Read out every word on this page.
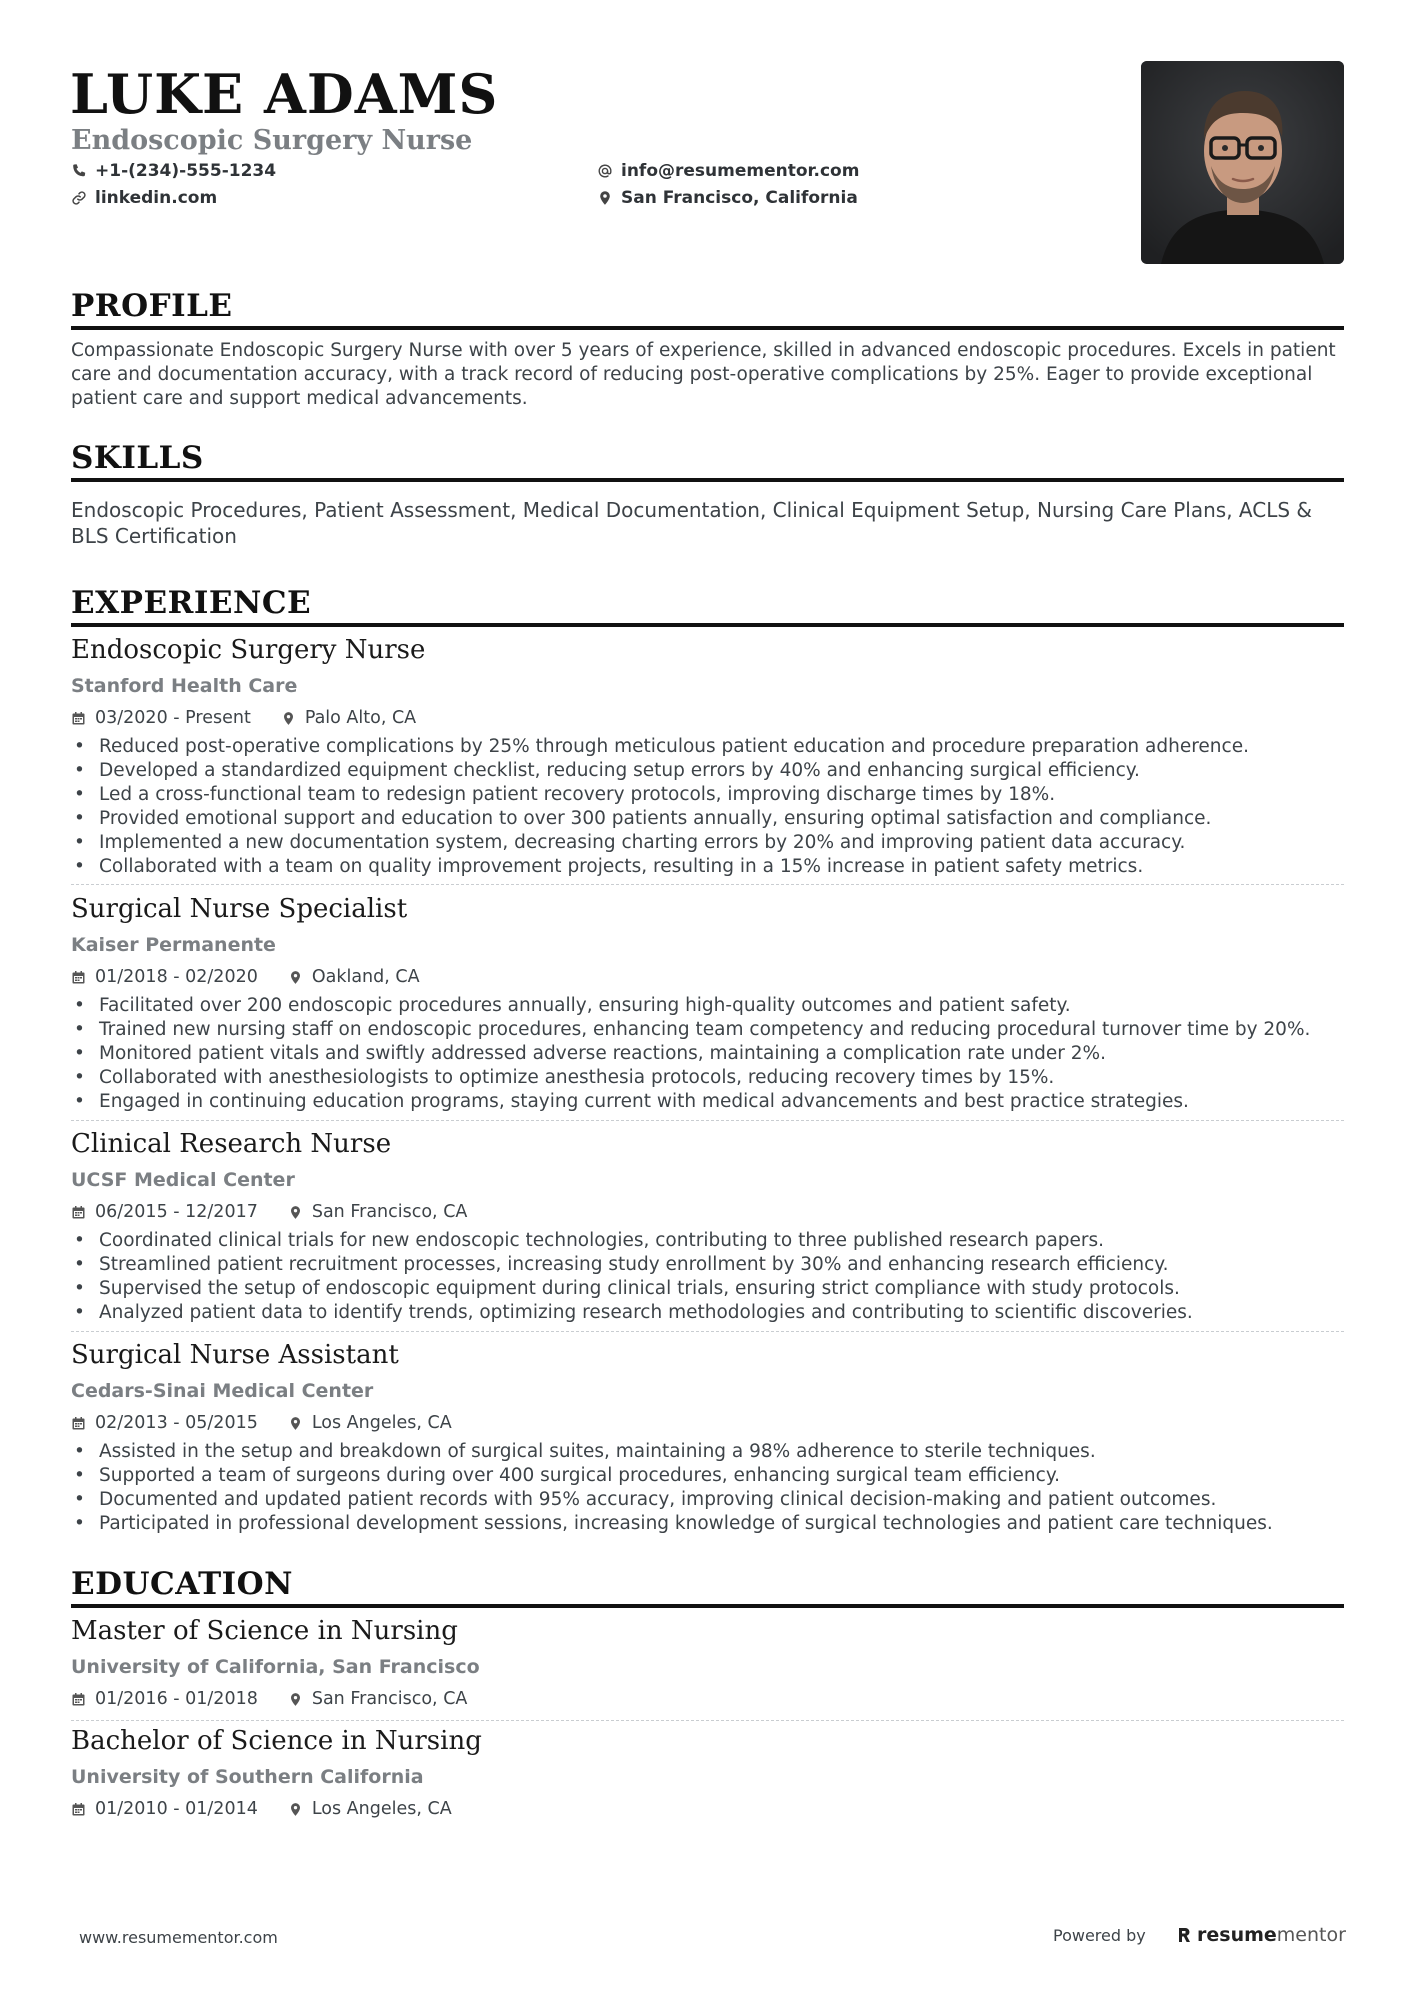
LUKE ADAMS
Endoscopic Surgery Nurse
+1-(234)-555-1234
linkedin.com
info@resumementor.com
San Francisco, California
PROFILE
Compassionate Endoscopic Surgery Nurse with over 5 years of experience, skilled in advanced endoscopic procedures. Excels in patient care and documentation accuracy, with a track record of reducing post-operative complications by 25%. Eager to provide exceptional patient care and support medical advancements.
SKILLS
Endoscopic Procedures, Patient Assessment, Medical Documentation, Clinical Equipment Setup, Nursing Care Plans, ACLS & BLS Certification
EXPERIENCE
Endoscopic Surgery Nurse
Stanford Health Care
03/2020 - Present	Palo Alto, CA
• Reduced post-operative complications by 25% through meticulous patient education and procedure preparation adherence.
• Developed a standardized equipment checklist, reducing setup errors by 40% and enhancing surgical efficiency.
• Led a cross-functional team to redesign patient recovery protocols, improving discharge times by 18%.
• Provided emotional support and education to over 300 patients annually, ensuring optimal satisfaction and compliance.
• Implemented a new documentation system, decreasing charting errors by 20% and improving patient data accuracy.
• Collaborated with a team on quality improvement projects, resulting in a 15% increase in patient safety metrics.
Surgical Nurse Specialist
Kaiser Permanente
01/2018 - 02/2020	Oakland, CA
• Facilitated over 200 endoscopic procedures annually, ensuring high-quality outcomes and patient safety.
• Trained new nursing staff on endoscopic procedures, enhancing team competency and reducing procedural turnover time by 20%.
• Monitored patient vitals and swiftly addressed adverse reactions, maintaining a complication rate under 2%.
• Collaborated with anesthesiologists to optimize anesthesia protocols, reducing recovery times by 15%.
• Engaged in continuing education programs, staying current with medical advancements and best practice strategies.
Clinical Research Nurse
UCSF Medical Center
06/2015 - 12/2017	San Francisco, CA
• Coordinated clinical trials for new endoscopic technologies, contributing to three published research papers.
• Streamlined patient recruitment processes, increasing study enrollment by 30% and enhancing research efficiency.
• Supervised the setup of endoscopic equipment during clinical trials, ensuring strict compliance with study protocols.
• Analyzed patient data to identify trends, optimizing research methodologies and contributing to scientific discoveries.
Surgical Nurse Assistant
Cedars-Sinai Medical Center
02/2013 - 05/2015	Los Angeles, CA
• Assisted in the setup and breakdown of surgical suites, maintaining a 98% adherence to sterile techniques.
• Supported a team of surgeons during over 400 surgical procedures, enhancing surgical team efficiency.
• Documented and updated patient records with 95% accuracy, improving clinical decision-making and patient outcomes.
• Participated in professional development sessions, increasing knowledge of surgical technologies and patient care techniques.
EDUCATION
Master of Science in Nursing
University of California, San Francisco
01/2016 - 01/2018	San Francisco, CA
Bachelor of Science in Nursing
University of Southern California
01/2010 - 01/2014	Los Angeles, CA
www.resumementor.com	Powered by	resume mentor
